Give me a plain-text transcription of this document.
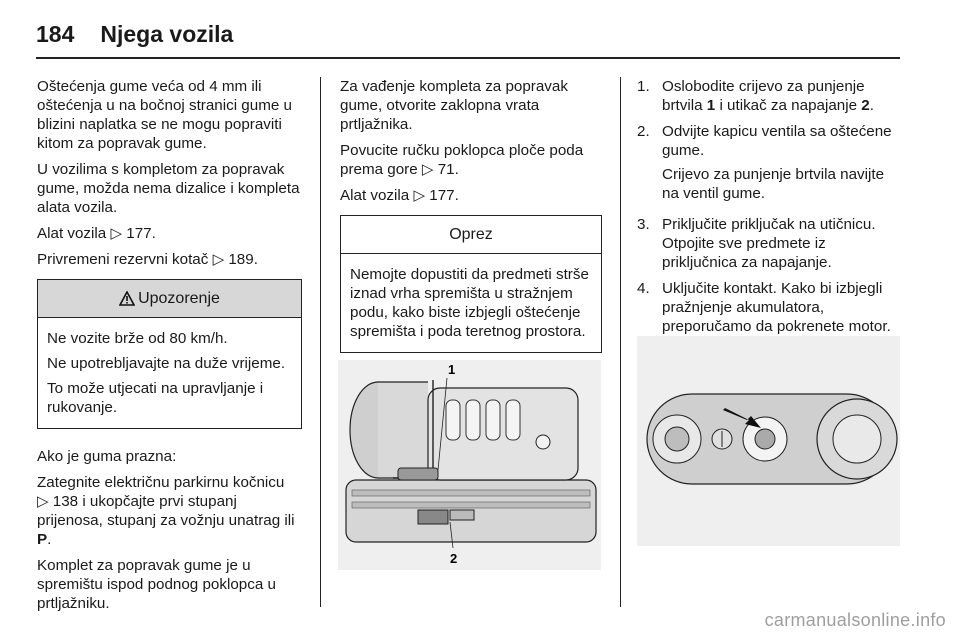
184 Njega vozila

Oštećenja gume veća od 4 mm ili oštećenja u na bočnoj stranici gume u blizini naplatka se ne mogu popraviti kitom za popravak gume.

U vozilima s kompletom za popravak gume, možda nema dizalice i kompleta alata vozila.

Alat vozila ▷ 177.

Privremeni rezervni kotač ▷ 189.

Upozorenje

Ne vozite brže od 80 km/h.

Ne upotrebljavajte na duže vrijeme.

To može utjecati na upravljanje i rukovanje.

Ako je guma prazna:

Zategnite električnu parkirnu kočnicu
▷ 138 i ukopčajte prvi stupanj prijenosa, stupanj za vožnju unatrag ili P.

Komplet za popravak gume je u spremištu ispod podnog poklopca u prtljažniku.

Za vađenje kompleta za popravak gume, otvorite zaklopna vrata prtljažnika.

Povucite ručku poklopca ploče poda prema gore ▷ 71.

Alat vozila ▷ 177.

Oprez

Nemojte dopustiti da predmeti strše iznad vrha spremišta u stražnjem podu, kako biste izbjegli oštećenje spremišta i poda teretnog prostora.

1
2
1. Oslobodite crijevo za punjenje brtvila 1 i utikač za napajanje 2.
2. Odvijte kapicu ventila sa oštećene gume.

Crijevo za punjenje brtvila navijte na ventil gume.

3. Priključite priključak na utičnicu. Otpojite sve predmete iz priključnica za napajanje.
4. Uključite kontakt. Kako bi izbjegli pražnjenje akumulatora, preporučamo da pokrenete motor.
carmanualsonline.info
